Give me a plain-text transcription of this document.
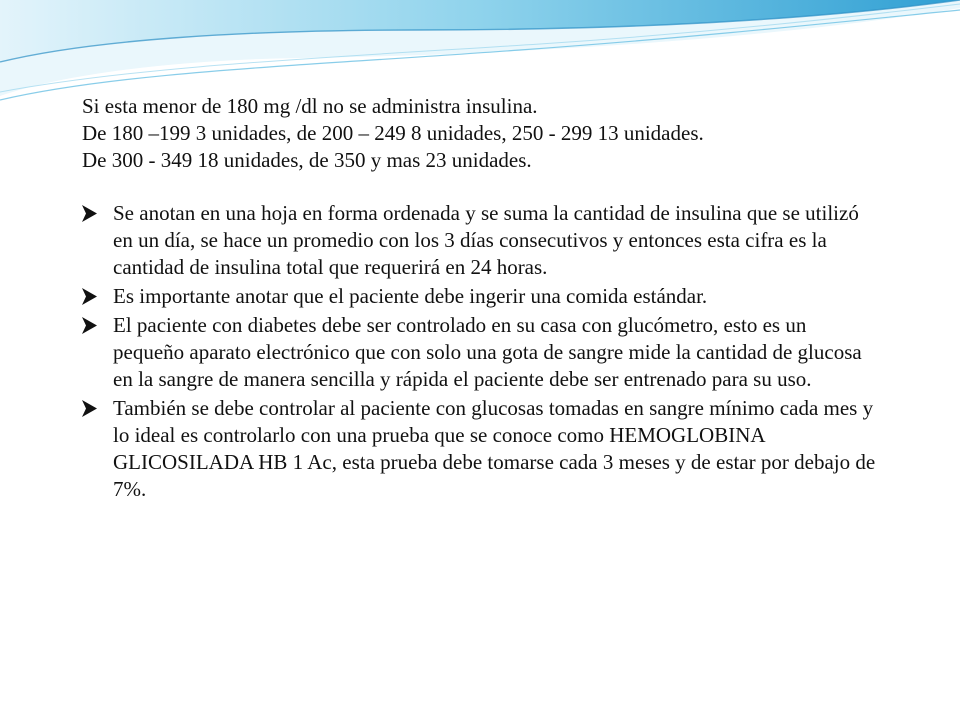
Si esta menor de 180 mg /dl no se administra insulina.

De 180 –199 3 unidades, de 200 – 249 8 unidades, 250 - 299 13 unidades.

De 300 - 349 18 unidades, de 350 y mas 23 unidades.

Se anotan en una hoja en forma ordenada y se suma la cantidad de insulina que se utilizó en un día, se hace un promedio con los 3 días consecutivos y entonces esta cifra es la cantidad de insulina total que requerirá en 24 horas.
Es importante anotar que el paciente debe ingerir una comida estándar.
El paciente con diabetes debe ser controlado en su casa con glucómetro, esto es un pequeño aparato electrónico que con solo una gota de sangre mide la cantidad de glucosa en la sangre de manera sencilla y rápida el paciente debe ser entrenado para su uso.
También se debe controlar al paciente con glucosas tomadas en sangre mínimo cada mes y lo ideal es controlarlo con una prueba que se conoce como HEMOGLOBINA GLICOSILADA HB 1 Ac, esta prueba debe tomarse cada 3 meses y de estar por debajo de 7%.
